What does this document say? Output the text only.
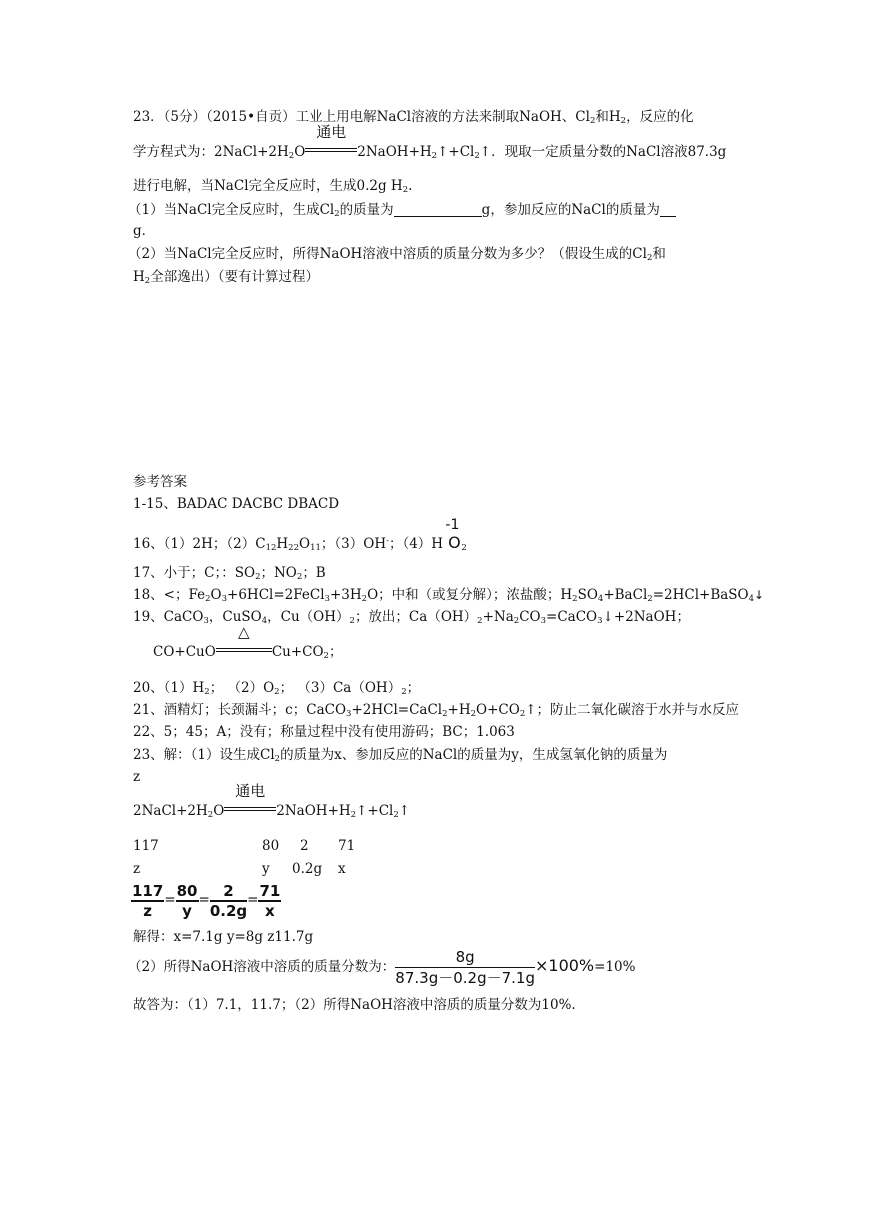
23．（5分）（2015•自贡）工业上用电解NaCl溶液的方法来制取NaOH、$Cl_2$和$H_2$，反应的化
学方程式为：$2NaCl+2H_2O$
通电
$2NaOH+H_2↑+Cl_2↑$．现取一定质量分数的NaCl溶液87.3g
进行电解，当NaCl完全反应时，生成0.2g $H_2$.
（1）当NaCl完全反应时，生成$Cl_2$的质量为	g，参加反应的NaCl的质量为
g．
（2）当NaCl完全反应时，所得NaOH溶液中溶质的质量分数为多少？（假设生成的$Cl_2$和
$H_2$全部逸出）（要有计算过程）
参考答案
1-15、BADAC DACBC DBACD
16、（1）2H；$(2)C_{12}H_{22}O_{11}$；（3）OH-；（4）H
-1
$O_2$
17、小于；C；：$SO_2$；$NO_2$；B
18、<；$Fe_2O_3+6HCl=2FeCl_3+3H_2O$；中和（或复分解）；浓盐酸；$H_2SO_4+BaCl_2=2HCl+BaSO_4↓$
19、CaCO$_3$，CuSO$_4$，$Cu(OH)_2$；放出；$Ca(OH)_2+Na_2CO_3=CaCO_3↓+2NaOH$；
CO+CuO
△
$Cu+CO_2$；
20、$(1)H_2$； $(2)O_2$； $(3)Ca(OH)_2$；
21、酒精灯；长颈漏斗；c；$CaCO_3+2HCl=CaCl_2+H_2O+CO_2↑$；防止二氧化碳溶于水并与水反应
22、5；45；A；没有；称量过程中没有使用游码；BC；1.063
23、解：（1）设生成$Cl_2$的质量为x、参加反应的NaCl的质量为y，生成氢氧化钠的质量为
z
$2NaCl+2H_2O$
通电
$2NaOH+H_2↑+Cl_2↑$
117	80 2 71
z	y 0.2g x
$\frac{117}{z} = \frac{80}{y} = \frac{2}{0.2g} = \frac{71}{x}$
解得：x=7.1g y=8g z11.7g
（2）所得NaOH溶液中溶质的质量分数为： $\frac{8g}{87.3g-0.2g-7.1g} \times 100\%=10\%$
故答为：（1）7.1，11.7；（2）所得NaOH溶液中溶质的质量分数为10%.
